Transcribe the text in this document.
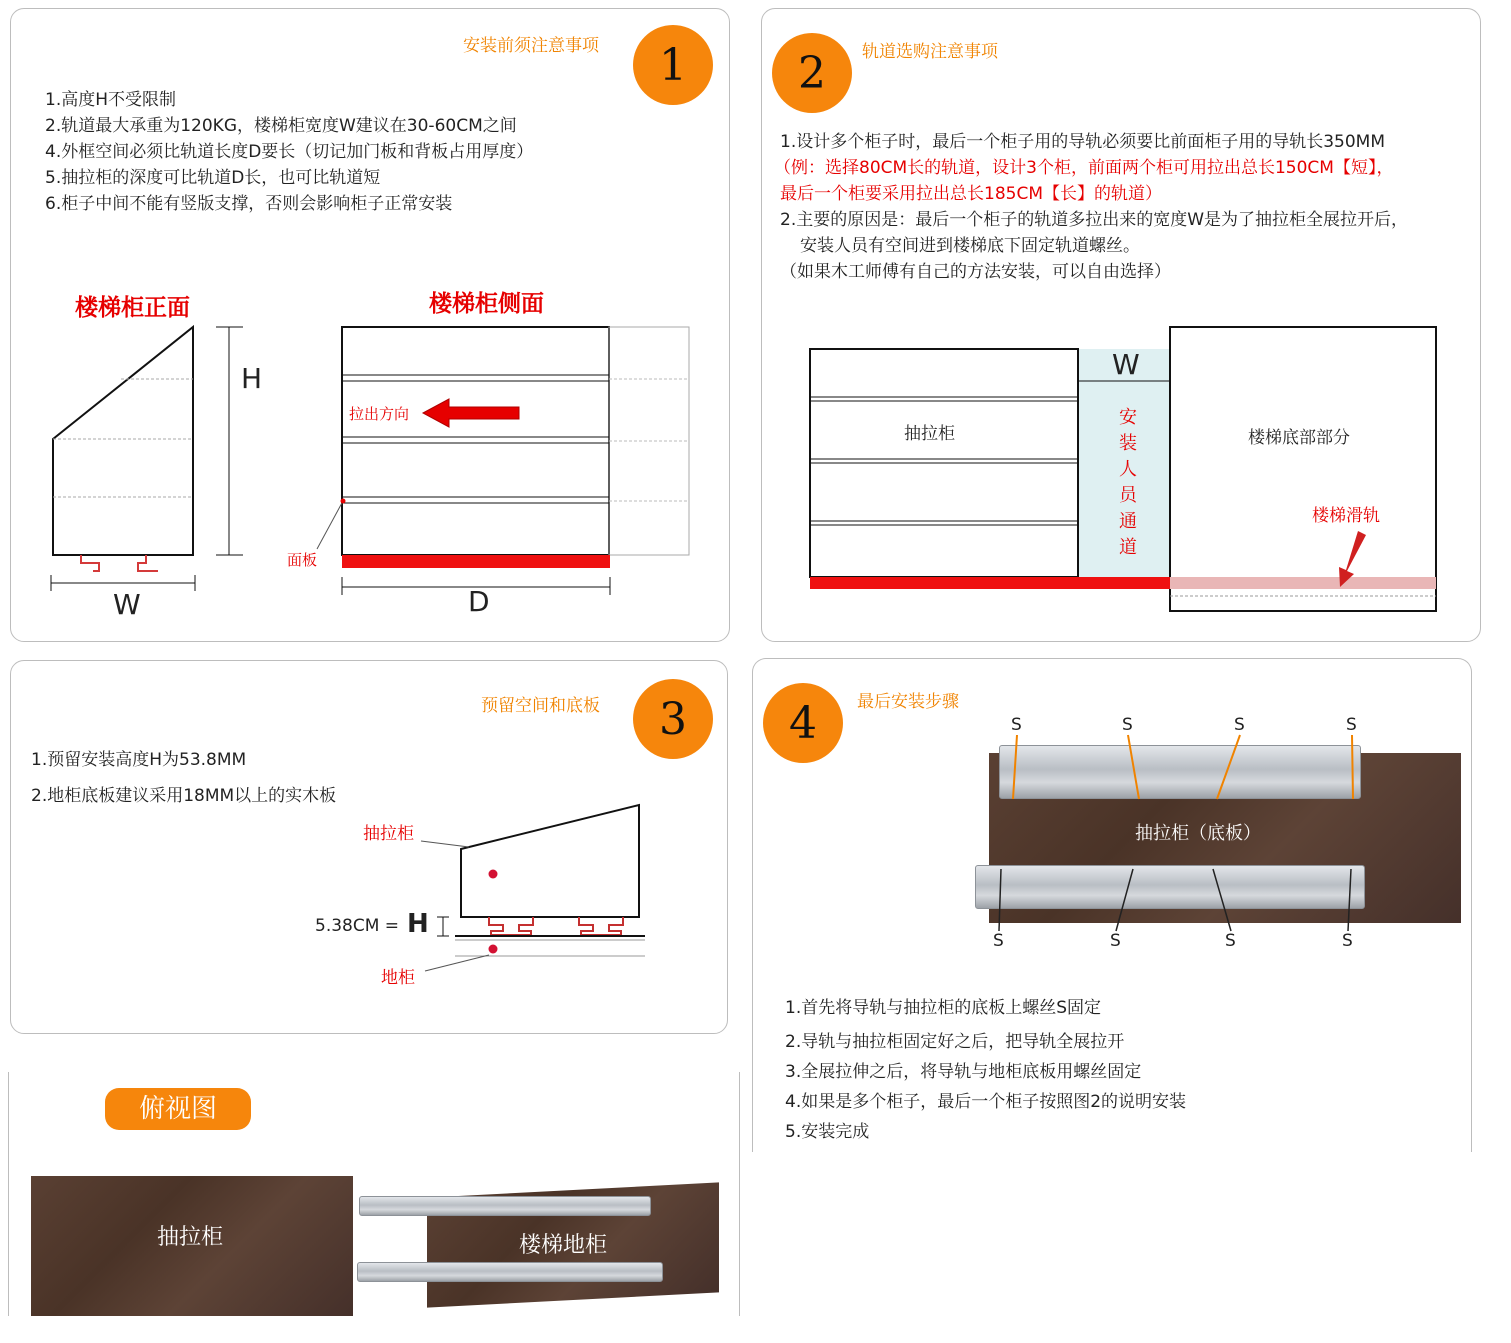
安装前须注意事项	1
1.高度H不受限制
2.轨道最大承重为120KG，楼梯柜宽度W建议在30-60CM之间
4.外框空间必须比轨道长度D要长（切记加门板和背板占用厚度）
5.抽拉柜的深度可比轨道D长，也可比轨道短
6.柜子中间不能有竖版支撑，否则会影响柜子正常安装
楼梯柜正面	楼梯柜侧面
H
W
拉出方向
面板
D
2	轨道选购注意事项
1.设计多个柜子时，最后一个柜子用的导轨必须要比前面柜子用的导轨长350MM
（例：选择80CM长的轨道，设计3个柜，前面两个柜可用拉出总长150CM【短】，
最后一个柜要采用拉出总长185CM【长】的轨道）
2.主要的原因是：最后一个柜子的轨道多拉出来的宽度W是为了抽拉柜全展拉开后，
安装人员有空间进到楼梯底下固定轨道螺丝。
（如果木工师傅有自己的方法安装，可以自由选择）
抽拉柜
W
安
装
人
员
通
道
楼梯底部部分
楼梯滑轨
预留空间和底板	3
1.预留安装高度H为53.8MM
2.地柜底板建议采用18MM以上的实木板
抽拉柜
5.38CM = H
地柜
4	最后安装步骤
抽拉柜（底板）
S	S	S	S
S	S	S	S
1.首先将导轨与抽拉柜的底板上螺丝S固定
2.导轨与抽拉柜固定好之后，把导轨全展拉开
3.全展拉伸之后，将导轨与地柜底板用螺丝固定
4.如果是多个柜子，最后一个柜子按照图2的说明安装
5.安装完成
俯视图
抽拉柜	楼梯地柜
